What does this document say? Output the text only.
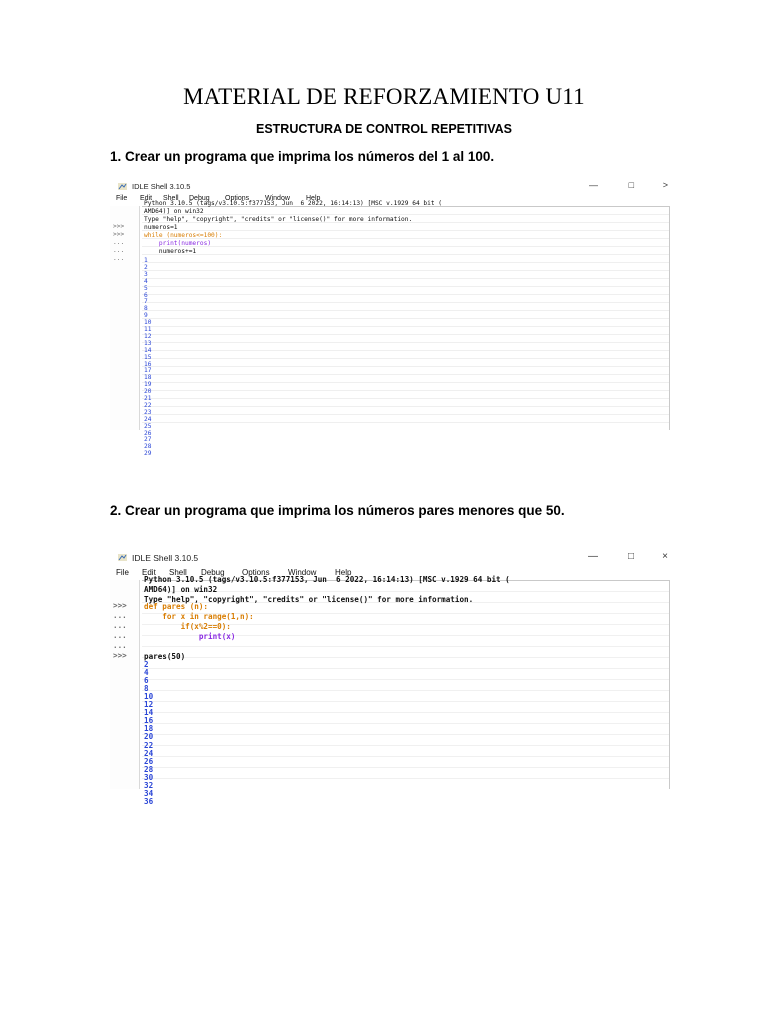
MATERIAL DE REFORZAMIENTO U11
ESTRUCTURA DE CONTROL REPETITIVAS
1. Crear un programa que imprima los números del 1 al 100.
IDLE Shell 3.10.5	—	□	>
File Edit Shell Debug Options Window Help
>>>
>>>
...
...
...
Python 3.10.5 (tags/v3.10.5:f377153, Jun  6 2022, 16:14:13) [MSC v.1929 64 bit (
AMD64)] on win32
Type "help", "copyright", "credits" or "license()" for more information.
numeros=1
while (numeros<=100):
print(numeros)
numeros+=1
1
2
3
4
5
6
7
8
9
10
11
12
13
14
15
16
17
18
19
20
21
22
23
24
25
26
27
28
29
2. Crear un programa que imprima los números pares menores que 50.
IDLE Shell 3.10.5	—	□	×
File Edit Shell Debug Options Window Help
>>>
...
...
...
...
>>>
Python 3.10.5 (tags/v3.10.5:f377153, Jun  6 2022, 16:14:13) [MSC v.1929 64 bit (
AMD64)] on win32
Type "help", "copyright", "credits" or "license()" for more information.
def pares (n):
for x in range(1,n):
if(x%2==0):
print(x)
pares(50)
2
4
6
8
10
12
14
16
18
20
22
24
26
28
30
32
34
36
